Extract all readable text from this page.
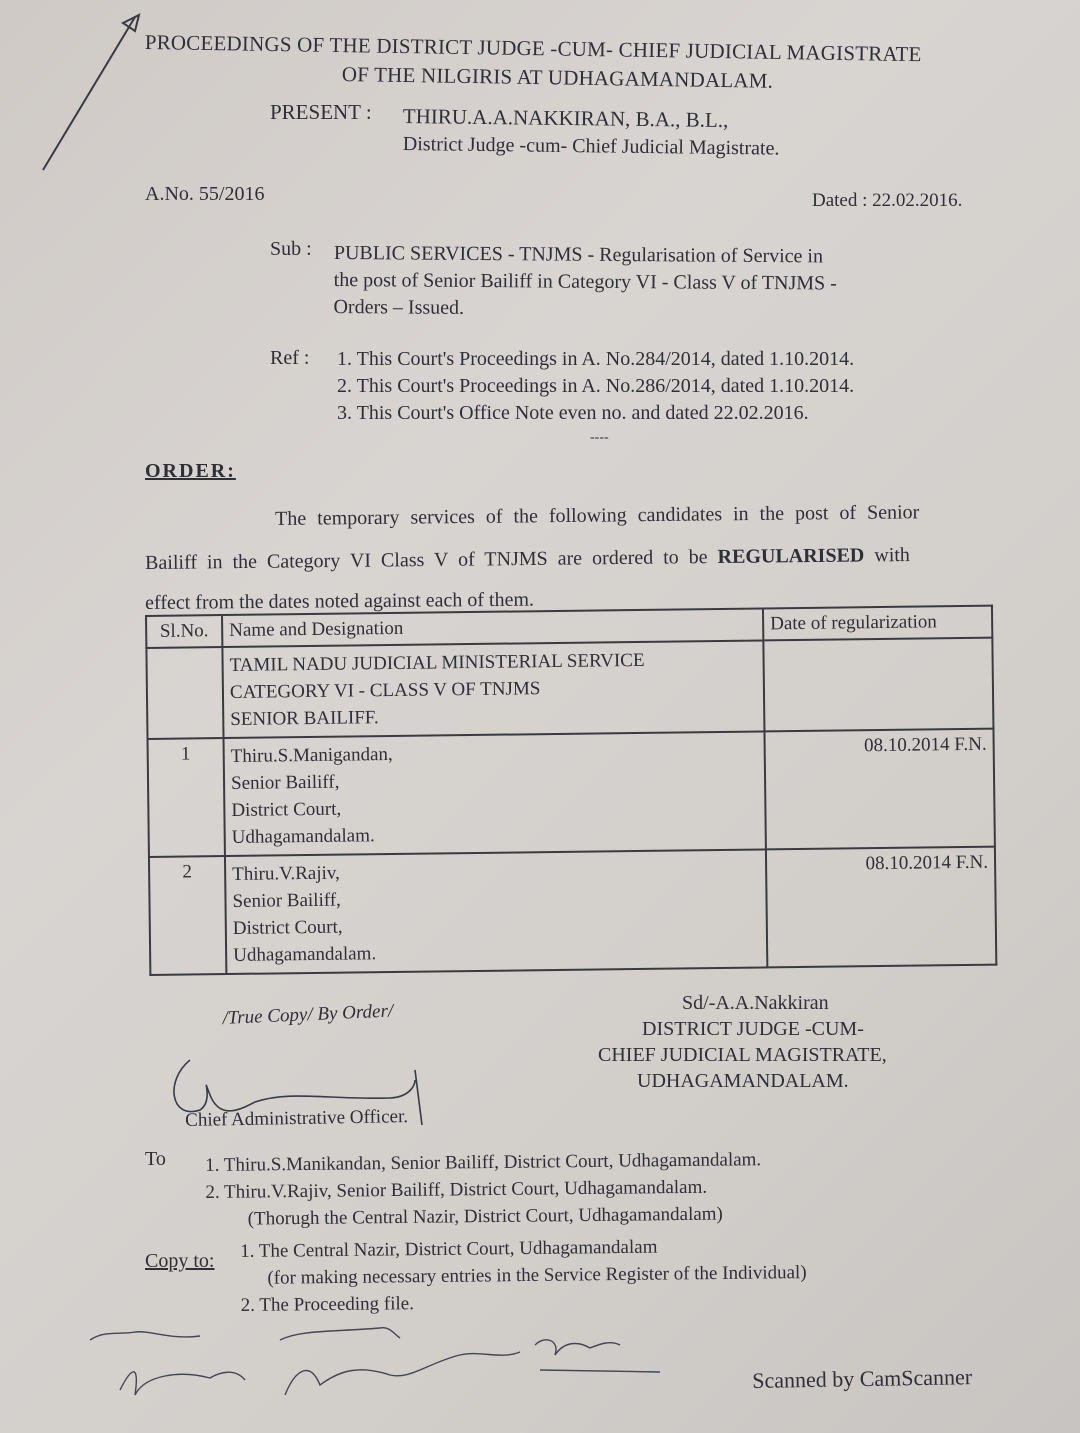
PROCEEDINGS OF THE DISTRICT JUDGE -CUM- CHIEF JUDICIAL MAGISTRATE
OF THE NILGIRIS AT UDHAGAMANDALAM.
PRESENT : THIRU.A.A.NAKKIRAN, B.A., B.L.,
District Judge -cum- Chief Judicial Magistrate.
A.No. 55/2016	Dated : 22.02.2016.
Sub : PUBLIC SERVICES - TNJMS - Regularisation of Service in
the post of Senior Bailiff in Category VI - Class V of TNJMS -
Orders – Issued.
Ref : 1. This Court's Proceedings in A. No.284/2014, dated 1.10.2014.
2. This Court's Proceedings in A. No.286/2014, dated 1.10.2014.
3. This Court's Office Note even no. and dated 22.02.2016.
----
ORDER:
The temporary services of the following candidates in the post of Senior
Bailiff in the Category VI Class V of TNJMS are ordered to be REGULARISED with
effect from the dates noted against each of them.
Sl.No.	Name and Designation	Date of regularization

	TAMIL NADU JUDICIAL MINISTERIAL SERVICE
CATEGORY VI - CLASS V OF TNJMS
SENIOR BAILIFF.	

1	Thiru.S.Manigandan,
Senior Bailiff,
District Court,
Udhagamandalam.	08.10.2014 F.N.
2	Thiru.V.Rajiv,
Senior Bailiff,
District Court,
Udhagamandalam.	08.10.2014 F.N.
/True Copy/ By Order/	Sd/-A.A.Nakkiran
DISTRICT JUDGE -CUM-
CHIEF JUDICIAL MAGISTRATE,
UDHAGAMANDALAM.
Chief Administrative Officer.
To 1. Thiru.S.Manikandan, Senior Bailiff, District Court, Udhagamandalam.
2. Thiru.V.Rajiv, Senior Bailiff, District Court, Udhagamandalam.
(Thorugh the Central Nazir, District Court, Udhagamandalam)
Copy to: 1. The Central Nazir, District Court, Udhagamandalam
(for making necessary entries in the Service Register of the Individual)
2. The Proceeding file.
Scanned by CamScanner
